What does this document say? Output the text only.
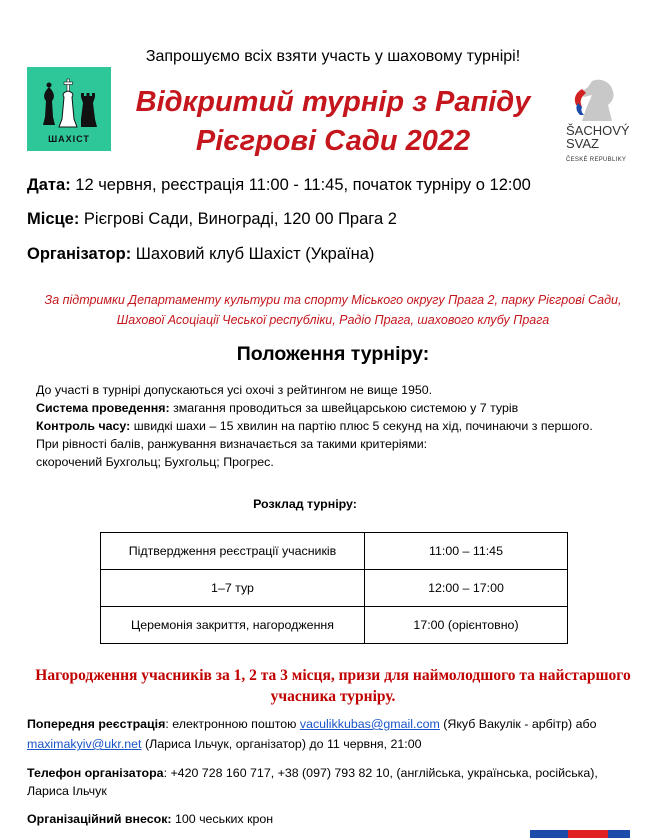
Запрошуємо всіх взяти участь у шаховому турнірі!
ШАХІСТ
Відкритий турнір з Рапіду
Рієгрові Сади 2022	ŠACHOVÝ
SVAZ
ČESKÉ REPUBLIKY
Дата: 12 червня, реєстрація 11:00 - 11:45, початок турніру о 12:00
Місце: Рієгрові Сади, Виноградi, 120 00 Прага 2
Організатор: Шаховий клуб Шахіст (Україна)
За підтримки Департаменту культури та спорту Міського округу Прага 2, парку Рієгрові Сади,
Шахової Асоціації Чеської республіки, Радіо Прага, шахового клубу Прага
Положення турніру:
До участі в турнірі допускаються усі охочі з рейтингом не вище 1950.
Система проведення: змагання проводиться за швейцарською системою у 7 турів
Контроль часу: швидкі шахи – 15 хвилин на партію плюс 5 секунд на хід, починаючи з першого.
При рівності балів, ранжування визначається за такими критеріями:
скорочений Бухгольц; Бухгольц; Прогрес.
Розклад турніру:
Підтвердження реєстрації учасників	11:00 – 11:45
1–7 тур	12:00 – 17:00
Церемонія закриття, нагородження	17:00 (орієнтовно)
Нагородження учасників за 1, 2 та 3 місця, призи для наймолодшого та найстаршого
учасника турніру.
Попередня реєстрація: електронною поштою vaculikkubas@gmail.com (Якуб Вакулік - арбітр) або
maximakyiv@ukr.net (Лариса Ільчук, організатор) до 11 червня, 21:00
Телефон організатора: +420 728 160 717, +38 (097) 793 82 10, (англійська, українська, російська),
Лариса Ільчук
Організаційний внесок: 100 чеських крон
